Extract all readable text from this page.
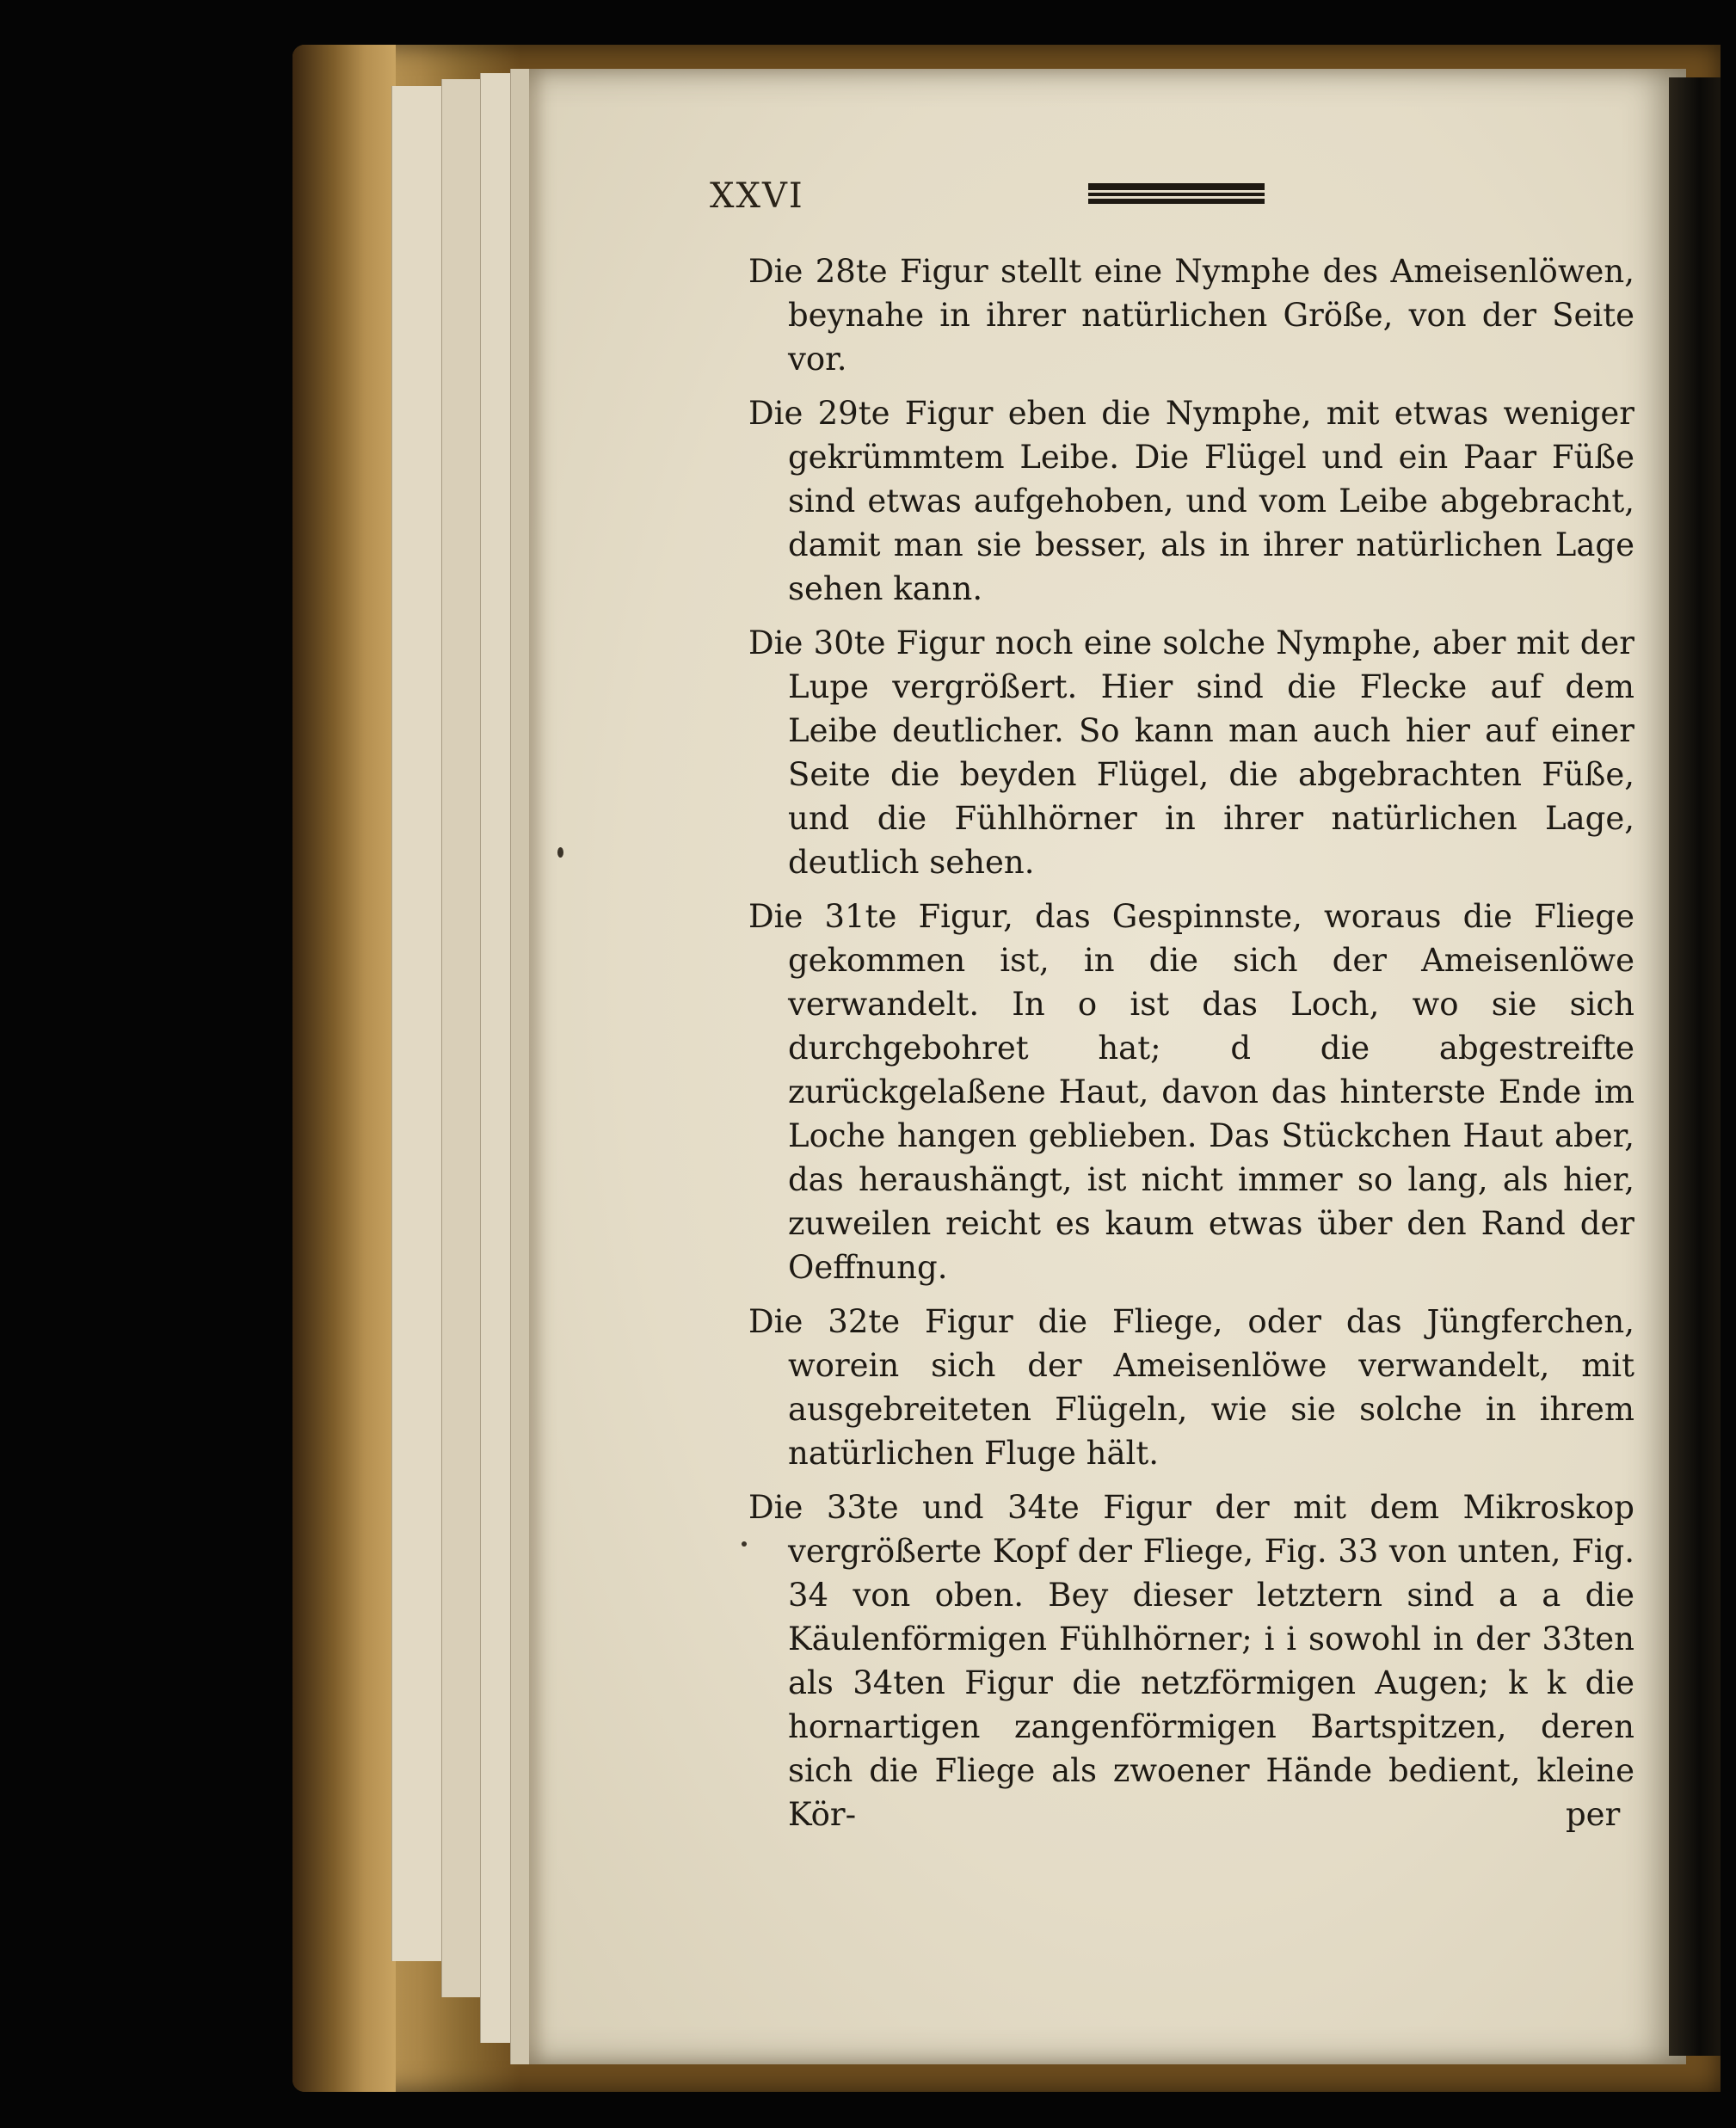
XXVI

Die 28te Figur stellt eine Nymphe des Ameisenlöwen, beynahe in ihrer natürlichen Größe, von der Seite vor.

Die 29te Figur eben die Nymphe, mit etwas weniger gekrümmtem Leibe. Die Flügel und ein Paar Füße sind etwas aufgehoben, und vom Leibe abgebracht, damit man sie besser, als in ihrer natürlichen Lage sehen kann.

Die 30te Figur noch eine solche Nymphe, aber mit der Lupe vergrößert. Hier sind die Flecke auf dem Leibe deutlicher. So kann man auch hier auf einer Seite die beyden Flügel, die abgebrachten Füße, und die Fühlhörner in ihrer natürlichen Lage, deutlich sehen.

Die 31te Figur, das Gespinnste, woraus die Fliege gekommen ist, in die sich der Ameisenlöwe verwandelt. In o ist das Loch, wo sie sich durchgebohret hat; d die abgestreifte zurückgelaßene Haut, davon das hinterste Ende im Loche hangen geblieben. Das Stückchen Haut aber, das heraushängt, ist nicht immer so lang, als hier, zuweilen reicht es kaum etwas über den Rand der Oeffnung.

Die 32te Figur die Fliege, oder das Jüngferchen, worein sich der Ameisenlöwe verwandelt, mit ausgebreiteten Flügeln, wie sie solche in ihrem natürlichen Fluge hält.

Die 33te und 34te Figur der mit dem Mikroskop vergrößerte Kopf der Fliege, Fig. 33 von unten, Fig. 34 von oben. Bey dieser letztern sind a a die Käulenförmigen Fühlhörner; i i sowohl in der 33ten als 34ten Figur die netzförmigen Augen; k k die hornartigen zangenförmigen Bartspitzen, deren sich die Fliege als zwoener Hände bedient, kleine Kör-	per
